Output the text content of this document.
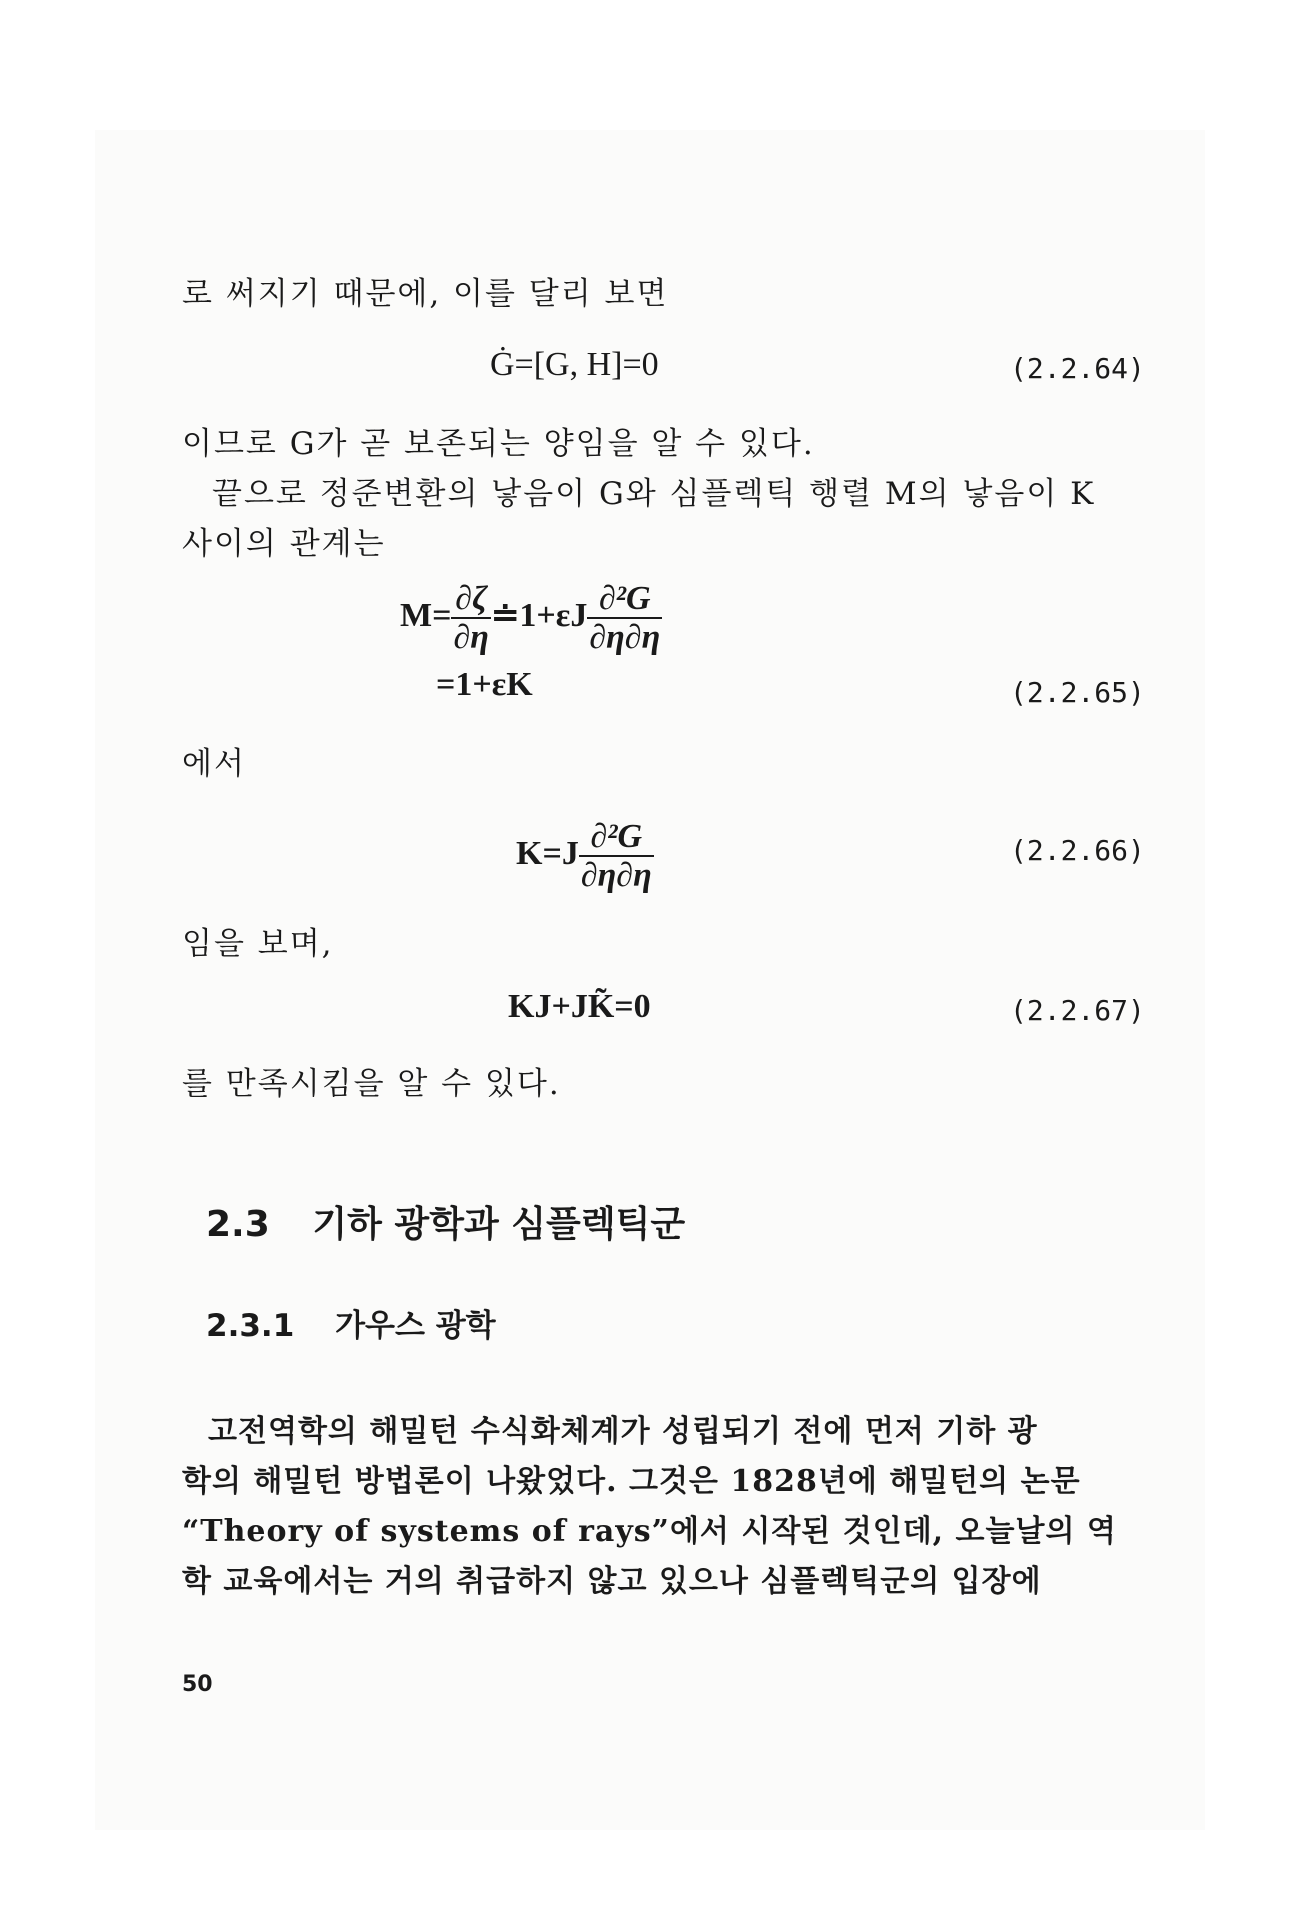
로 써지기 때문에, 이를 달리 보면
Ġ=[G, H]=0	(2.2.64)
이므로 G가 곧 보존되는 양임을 알 수 있다.
끝으로 정준변환의 낳음이 G와 심플렉틱 행렬 M의 낳음이 K
사이의 관계는
$M= \frac{\partial\zeta}{\partial\eta}$ ≐1+εJ $\frac{\text{∂²G}}{\partial\eta\partial\eta}$
=1+εK	(2.2.65)
에서
$K=J \frac{\text{∂²G}}{\partial\eta\partial\eta}$	(2.2.66)
임을 보며,
KJ+JK̃=0	(2.2.67)
를 만족시킴을 알 수 있다.
2.3 기하 광학과 심플렉틱군
2.3.1 가우스 광학
고전역학의 해밀턴 수식화체계가 성립되기 전에 먼저 기하 광
학의 해밀턴 방법론이 나왔었다. 그것은 1828년에 해밀턴의 논문
“Theory of systems of rays”에서 시작된 것인데, 오늘날의 역
학 교육에서는 거의 취급하지 않고 있으나 심플렉틱군의 입장에
50
